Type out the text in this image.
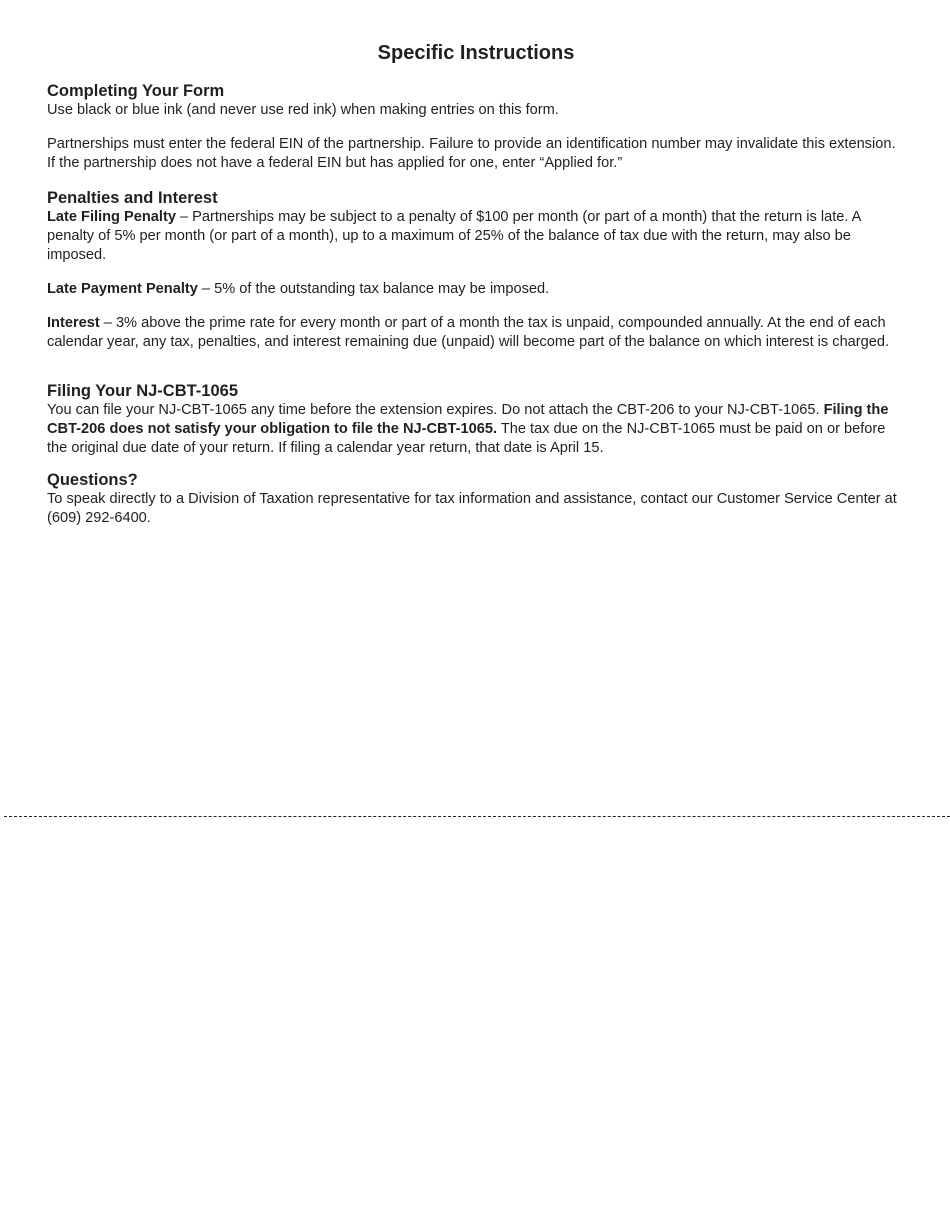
Specific Instructions
Completing Your Form

Use black or blue ink (and never use red ink) when making entries on this form.

Partnerships must enter the federal EIN of the partnership. Failure to provide an identification number may invalidate this extension. If the partnership does not have a federal EIN but has applied for one, enter “Applied for.”

Penalties and Interest

Late Filing Penalty – Partnerships may be subject to a penalty of $100 per month (or part of a month) that the return is late. A penalty of 5% per month (or part of a month), up to a maximum of 25% of the balance of tax due with the return, may also be imposed.

Late Payment Penalty – 5% of the outstanding tax balance may be imposed.

Interest – 3% above the prime rate for every month or part of a month the tax is unpaid, compounded annually. At the end of each calendar year, any tax, penalties, and interest remaining due (unpaid) will become part of the balance on which interest is charged.

Filing Your NJ-CBT-1065

You can file your NJ-CBT-1065 any time before the extension expires. Do not attach the CBT-206 to your NJ-CBT-1065. Filing the CBT-206 does not satisfy your obligation to file the NJ-CBT-1065. The tax due on the NJ-CBT-1065 must be paid on or before the original due date of your return. If filing a calendar year return, that date is April 15.

Questions?

To speak directly to a Division of Taxation representative for tax information and assistance, contact our Customer Service Center at (609) 292-6400.
